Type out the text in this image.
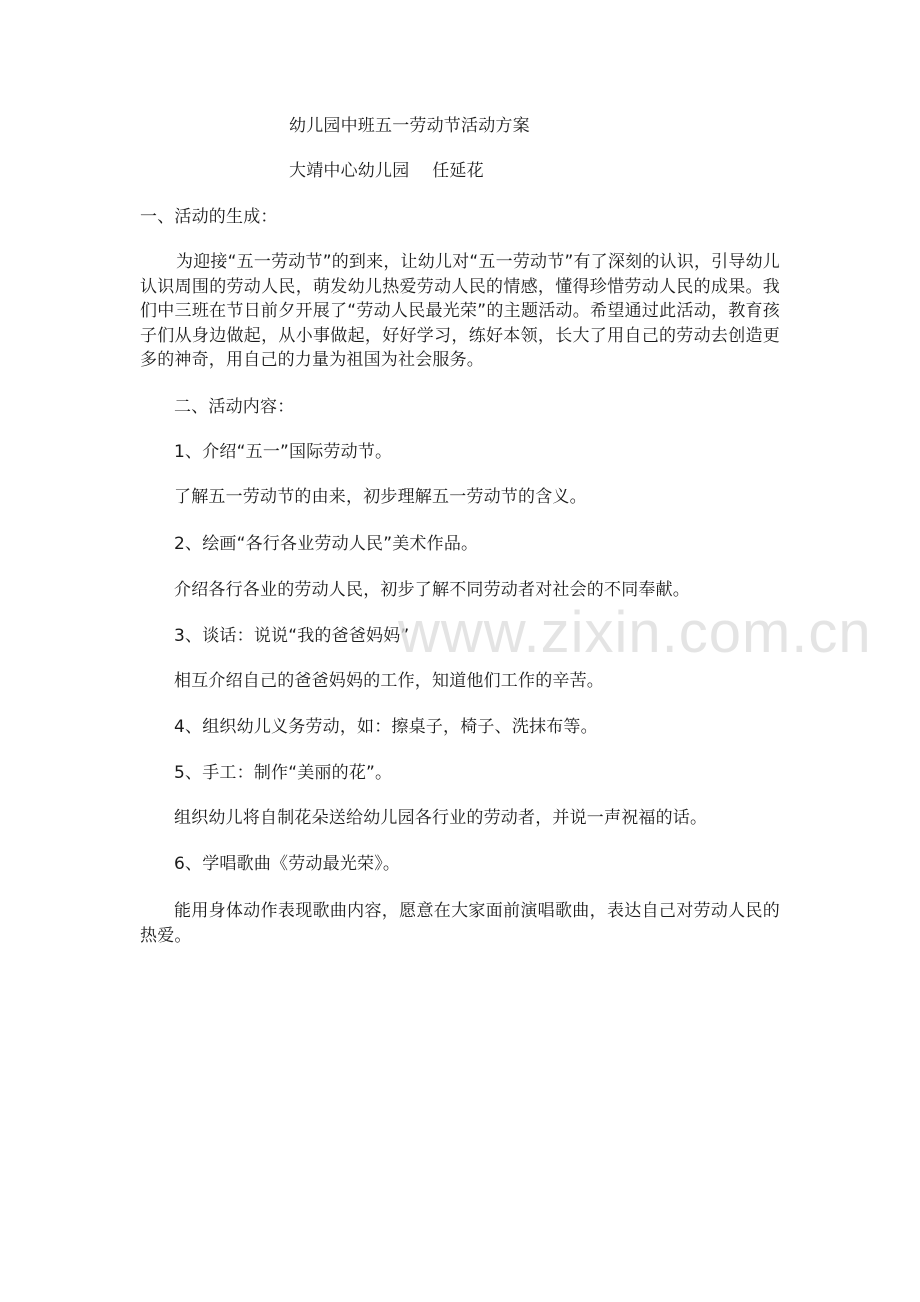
幼儿园中班五一劳动节活动方案
大靖中心幼儿园　 任延花
一、活动的生成：
为迎接“五一劳动节”的到来，让幼儿对“五一劳动节”有了深刻的认识，引导幼儿认识周围的劳动人民，萌发幼儿热爱劳动人民的情感，懂得珍惜劳动人民的成果。我们中三班在节日前夕开展了“劳动人民最光荣”的主题活动。希望通过此活动，教育孩子们从身边做起，从小事做起，好好学习，练好本领，长大了用自己的劳动去创造更多的神奇，用自己的力量为祖国为社会服务。
二、活动内容：
1、介绍“五一”国际劳动节。
了解五一劳动节的由来，初步理解五一劳动节的含义。
2、绘画“各行各业劳动人民”美术作品。
介绍各行各业的劳动人民，初步了解不同劳动者对社会的不同奉献。
3、谈话：说说“我的爸爸妈妈”
相互介绍自己的爸爸妈妈的工作，知道他们工作的辛苦。
4、组织幼儿义务劳动，如：擦桌子，椅子、洗抹布等。
5、手工：制作“美丽的花”。
组织幼儿将自制花朵送给幼儿园各行业的劳动者，并说一声祝福的话。
6、学唱歌曲《劳动最光荣》。
能用身体动作表现歌曲内容，愿意在大家面前演唱歌曲，表达自己对劳动人民的热爱。
www.zixin.com.cn
